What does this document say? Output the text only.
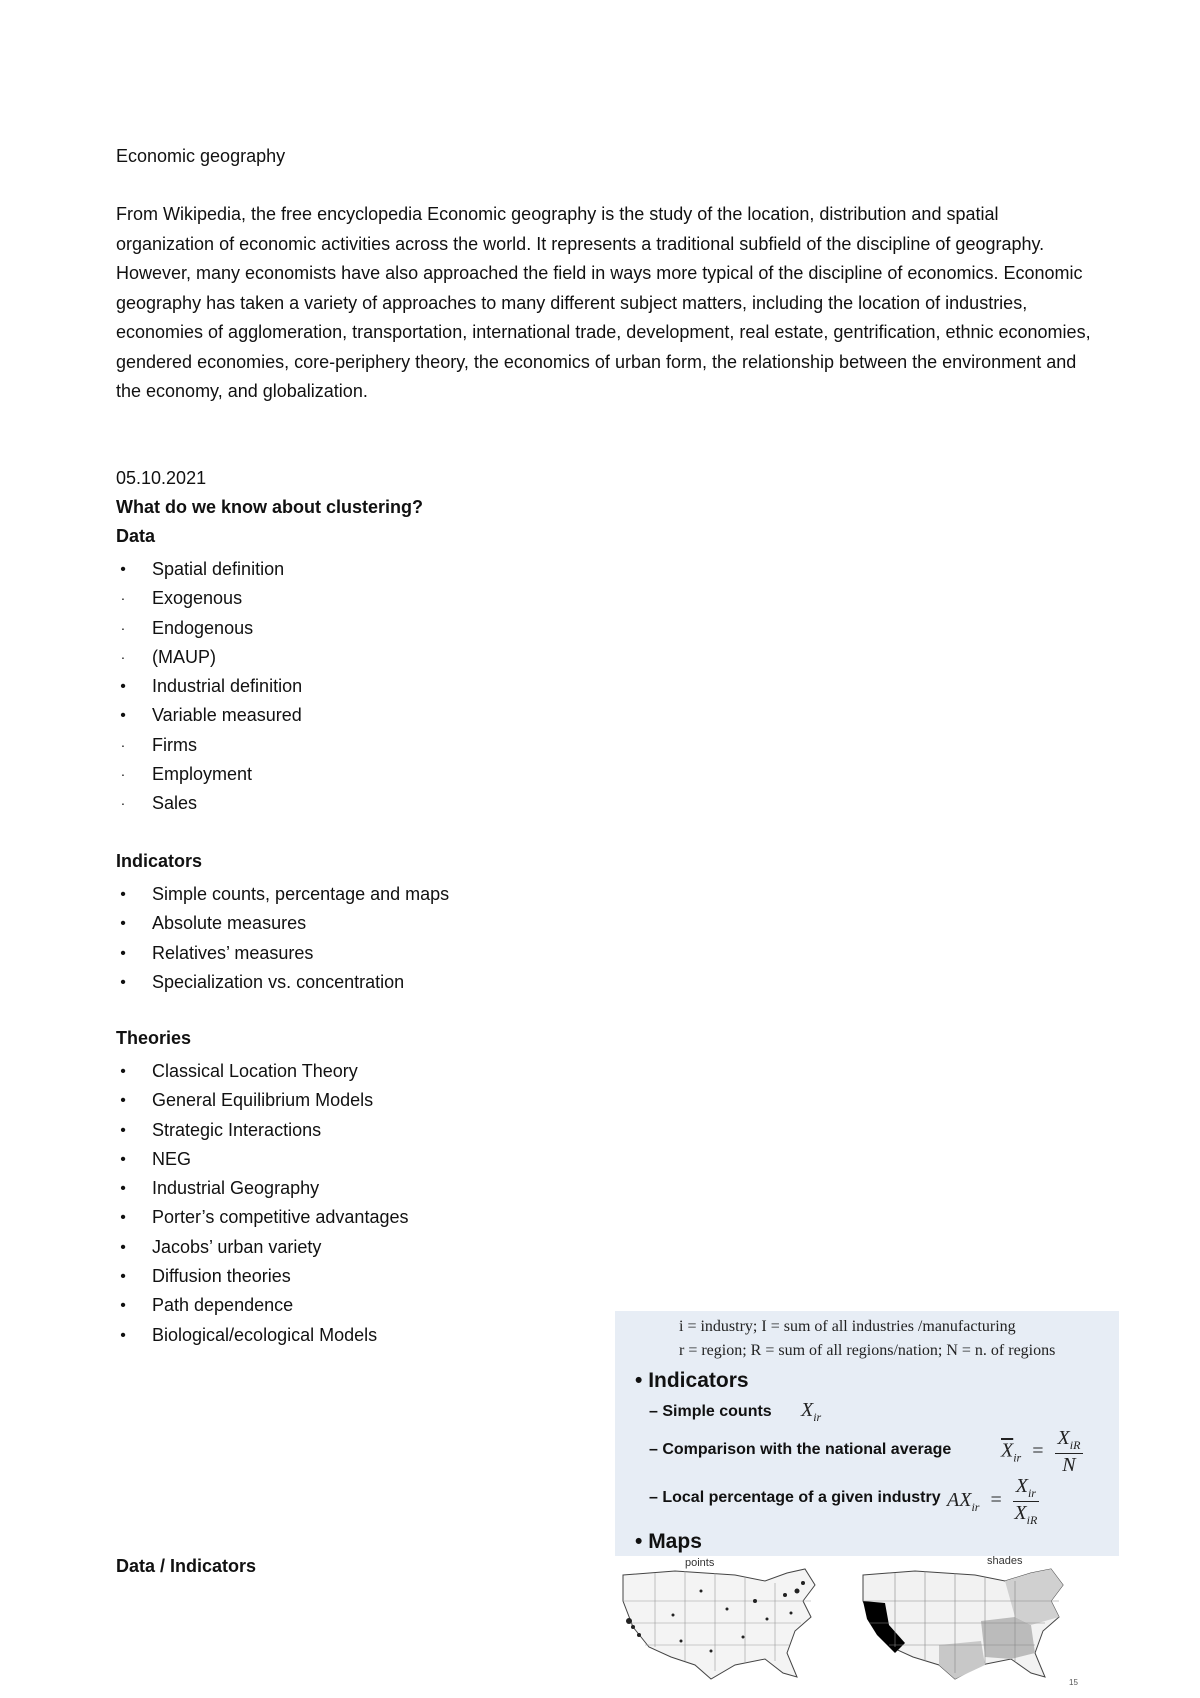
Economic geography
From Wikipedia, the free encyclopedia Economic geography is the study of the location, distribution and spatial organization of economic activities across the world. It represents a traditional subfield of the discipline of geography. However, many economists have also approached the field in ways more typical of the discipline of economics. Economic geography has taken a variety of approaches to many different subject matters, including the location of industries, economies of agglomeration, transportation, international trade, development, real estate, gentrification, ethnic economies, gendered economies, core-periphery theory, the economics of urban form, the relationship between the environment and the economy, and globalization.
05.10.2021
What do we know about clustering?
Data
• Spatial definition
· Exogenous
· Endogenous
· (MAUP)
• Industrial definition
• Variable measured
· Firms
· Employment
· Sales
Indicators
• Simple counts, percentage and maps
• Absolute measures
• Relatives’ measures
• Specialization vs. concentration
Theories
• Classical Location Theory
• General Equilibrium Models
• Strategic Interactions
• NEG
• Industrial Geography
• Porter’s competitive advantages
• Jacobs’ urban variety
• Diffusion theories
• Path dependence
• Biological/ecological Models
Data / Indicators
i = industry; I = sum of all industries /manufacturing
r = region; R = sum of all regions/nation; N = n. of regions
• Indicators
– Simple counts $X_{ir}$
– Comparison with the national average $\overline{X}_{ir}$ =
$X_{iR}$
N
– Local percentage of a given industry $AX_{ir}$ =
$X_{ir}$
$X_{iR}$
• Maps
points	shades
15
